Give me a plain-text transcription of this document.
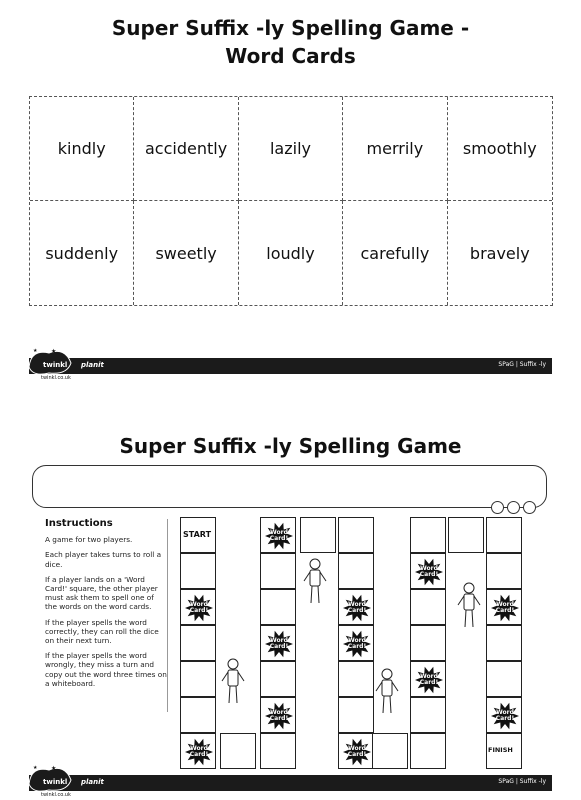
Super Suffix -ly Spelling Game -
Word Cards
kindly	accidently	lazily	merrily	smoothly
suddenly	sweetly	loudly	carefully	bravely
★
★
twinkl planit	SPaG | Suffix -ly
twinkl.co.uk
Super Suffix -ly Spelling Game
Instructions

A game for two players.

Each player takes turns to roll a dice.

If a player lands on a 'Word Card!' square, the other player must ask them to spell one of the words on the word cards.

If the player spells the word correctly, they can roll the dice on their next turn.

If the player spells the word wrongly, they miss a turn and copy out the word three times on a whiteboard.

Word Card!
Word Card!
Word Card!
Word Card!
Word Card!
Word Card!
Word Card!
Word Card!
Word Card!
Word Card!
Word Card!
Word Card!
START
FINISH
★
★
twinkl planit	SPaG | Suffix -ly
twinkl.co.uk
